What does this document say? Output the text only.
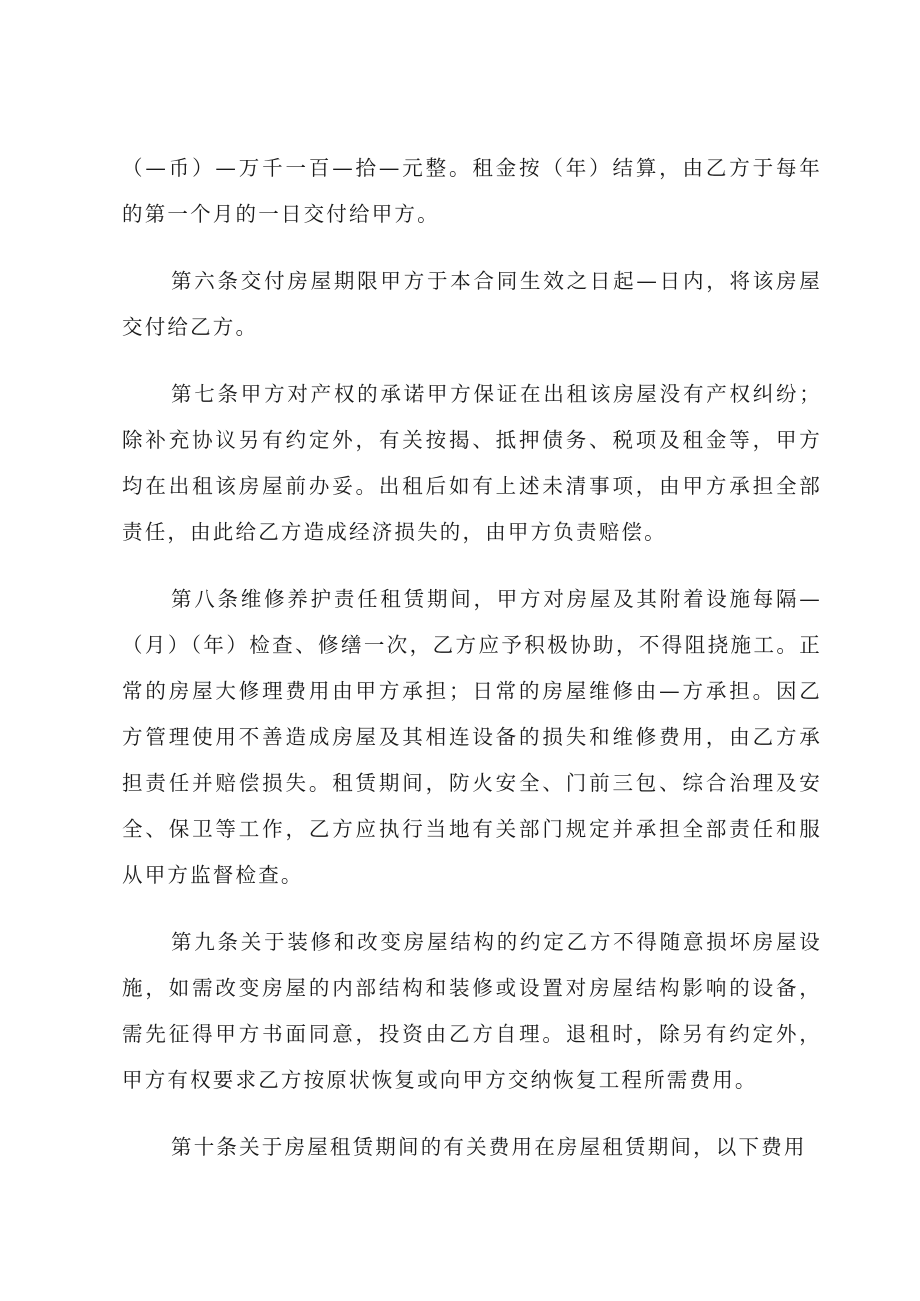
（—币）—万千一百—拾—元整。租金按（年）结算，由乙方于每年的第一个月的一日交付给甲方。

第六条交付房屋期限甲方于本合同生效之日起—日内，将该房屋交付给乙方。

第七条甲方对产权的承诺甲方保证在出租该房屋没有产权纠纷；除补充协议另有约定外，有关按揭、抵押债务、税项及租金等，甲方均在出租该房屋前办妥。出租后如有上述未清事项，由甲方承担全部责任，由此给乙方造成经济损失的，由甲方负责赔偿。

第八条维修养护责任租赁期间，甲方对房屋及其附着设施每隔—（月）（年）检查、修缮一次，乙方应予积极协助，不得阻挠施工。正常的房屋大修理费用由甲方承担；日常的房屋维修由—方承担。因乙方管理使用不善造成房屋及其相连设备的损失和维修费用，由乙方承担责任并赔偿损失。租赁期间，防火安全、门前三包、综合治理及安全、保卫等工作，乙方应执行当地有关部门规定并承担全部责任和服从甲方监督检查。

第九条关于装修和改变房屋结构的约定乙方不得随意损坏房屋设施，如需改变房屋的内部结构和装修或设置对房屋结构影响的设备，需先征得甲方书面同意，投资由乙方自理。退租时，除另有约定外，甲方有权要求乙方按原状恢复或向甲方交纳恢复工程所需费用。

第十条关于房屋租赁期间的有关费用在房屋租赁期间，以下费用
